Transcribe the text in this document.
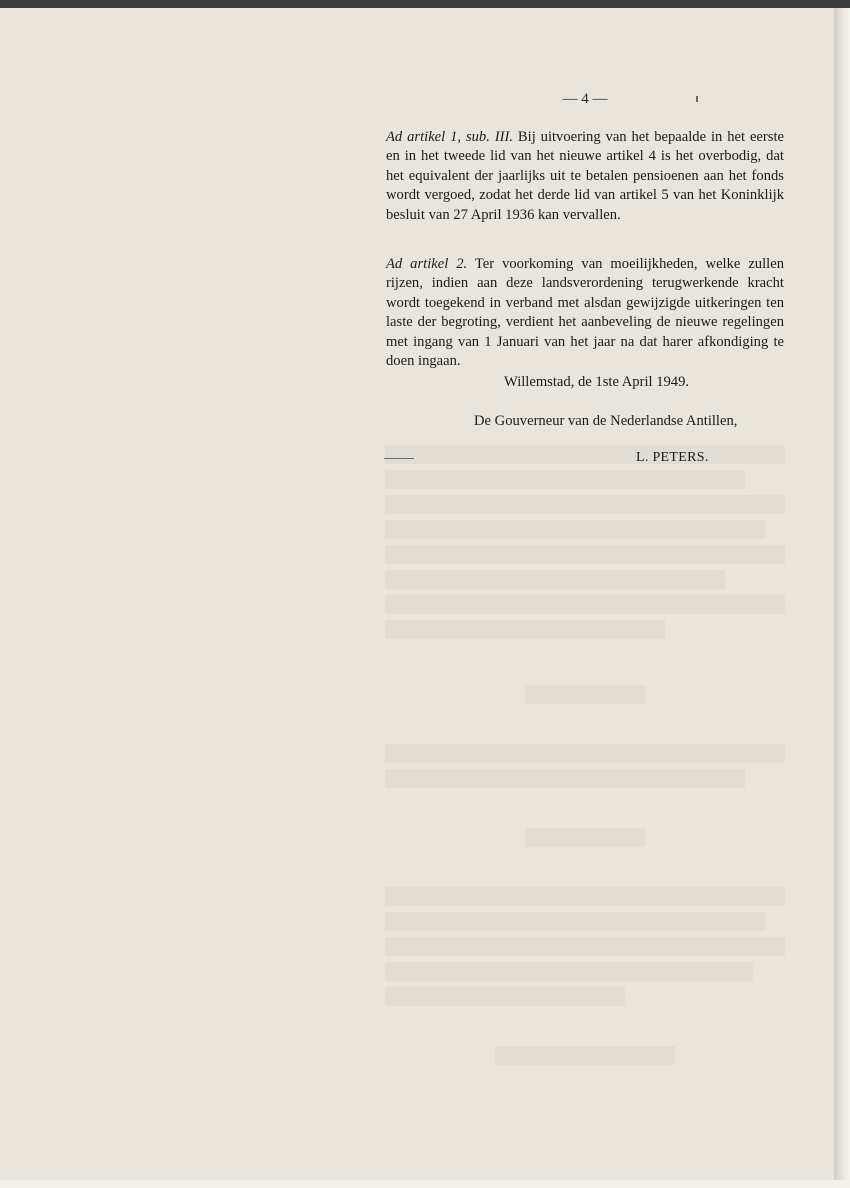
— 4 —

Ad artikel 1, sub. III. Bij uitvoering van het bepaalde in het eerste en in het tweede lid van het nieuwe artikel 4 is het overbodig, dat het equivalent der jaarlijks uit te betalen pensioenen aan het fonds wordt vergoed, zodat het derde lid van artikel 5 van het Koninklijk besluit van 27 April 1936 kan vervallen.

Ad artikel 2. Ter voorkoming van moeilijkheden, welke zullen rijzen, indien aan deze landsverordening terugwerkende kracht wordt toegekend in verband met alsdan gewijzigde uitkeringen ten laste der begroting, verdient het aanbeveling de nieuwe regelingen met ingang van 1 Januari van het jaar na dat harer afkondiging te doen ingaan.

Willemstad, de 1ste April 1949.
De Gouverneur van de Nederlandse Antillen,
L. PETERS.
